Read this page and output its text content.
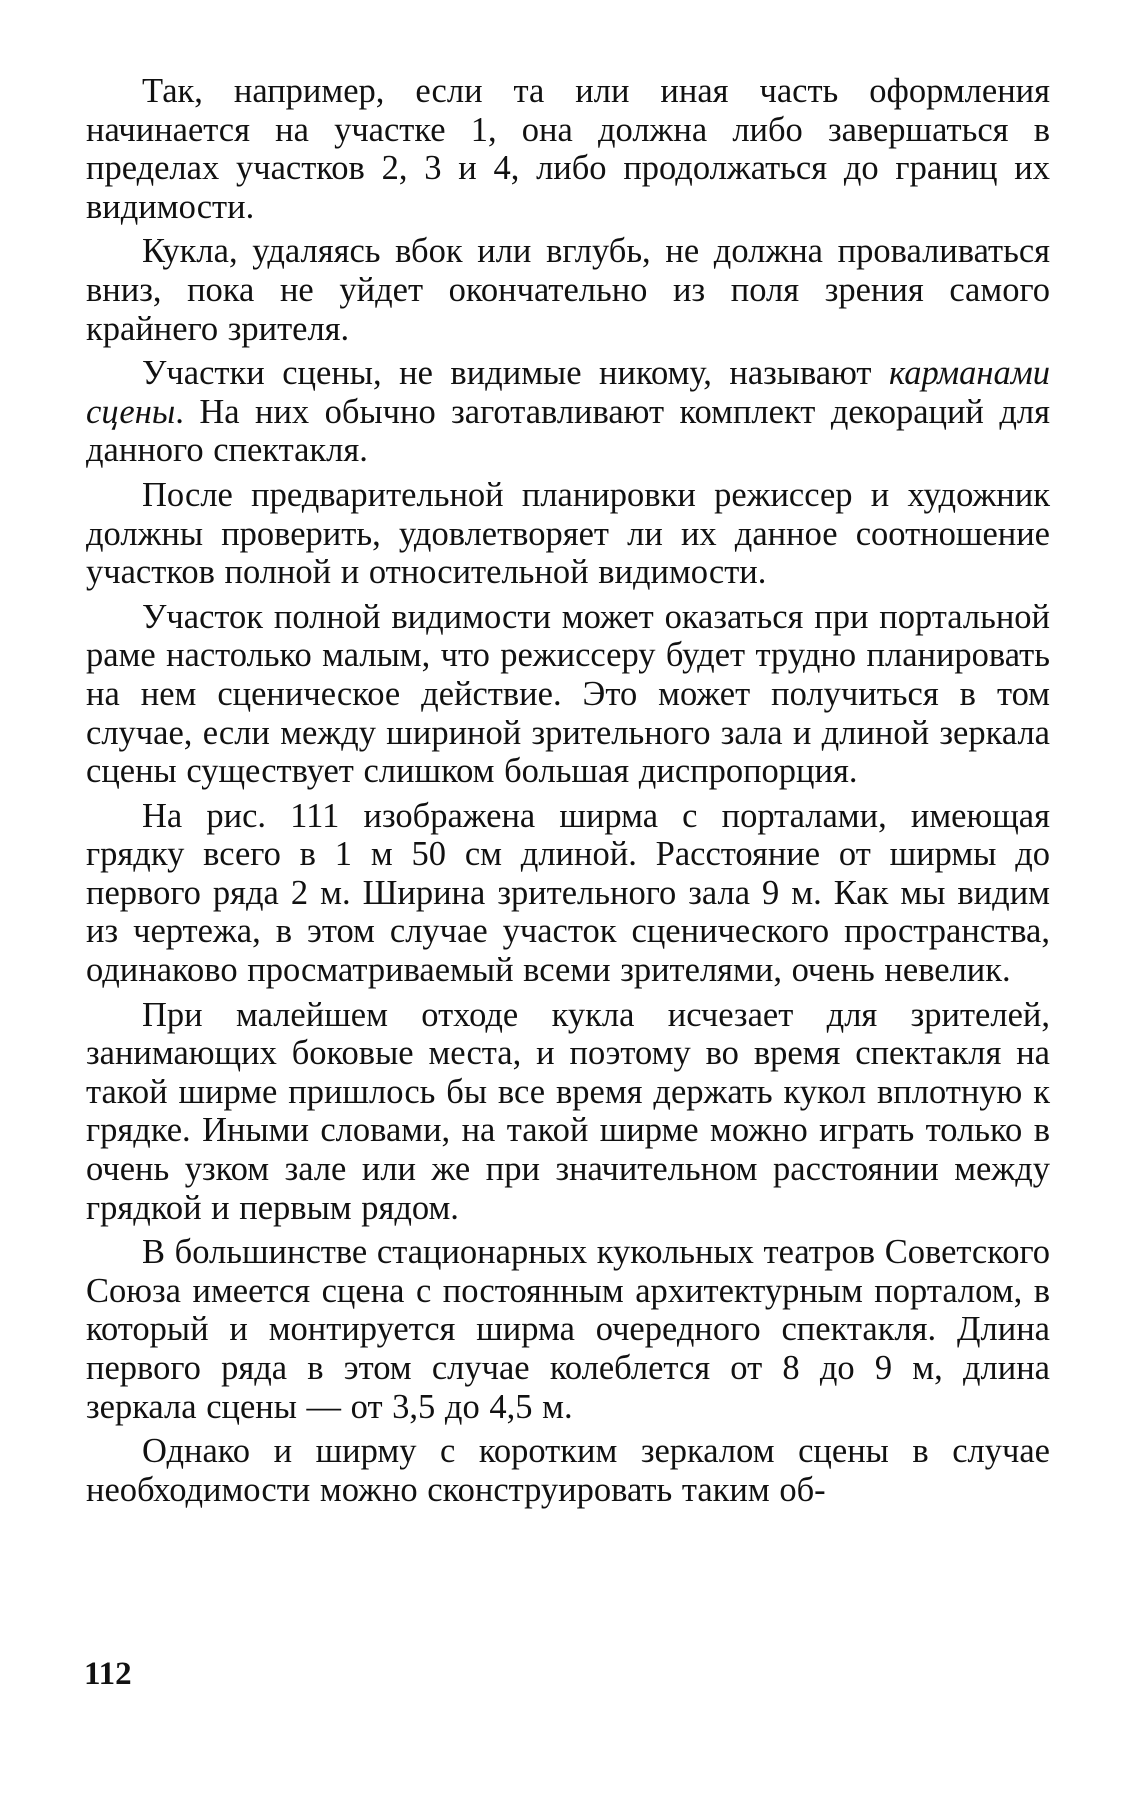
Так, например, если та или иная часть оформления начинается на участке 1, она должна либо завершаться в пределах участков 2, 3 и 4, либо продолжаться до границ их видимости.

Кукла, удаляясь вбок или вглубь, не должна проваливаться вниз, пока не уйдет окончательно из поля зрения самого крайнего зрителя.

Участки сцены, не видимые никому, называют карманами сцены. На них обычно заготавливают комплект декораций для данного спектакля.

После предварительной планировки режиссер и художник должны проверить, удовлетворяет ли их данное соотношение участков полной и относительной видимости.

Участок полной видимости может оказаться при портальной раме настолько малым, что режиссеру будет трудно планировать на нем сценическое действие. Это может получиться в том случае, если между шириной зрительного зала и длиной зеркала сцены существует слишком большая диспропорция.

На рис. 111 изображена ширма с порталами, имеющая грядку всего в 1 м 50 см длиной. Расстояние от ширмы до первого ряда 2 м. Ширина зрительного зала 9 м. Как мы видим из чертежа, в этом случае участок сценического пространства, одинаково просматриваемый всеми зрителями, очень невелик.

При малейшем отходе кукла исчезает для зрителей, занимающих боковые места, и поэтому во время спектакля на такой ширме пришлось бы все время держать кукол вплотную к грядке. Иными словами, на такой ширме можно играть только в очень узком зале или же при значительном расстоянии между грядкой и первым рядом.

В большинстве стационарных кукольных театров Советского Союза имеется сцена с постоянным архитектурным порталом, в который и монтируется ширма очередного спектакля. Длина первого ряда в этом случае колеблется от 8 до 9 м, длина зеркала сцены — от 3,5 до 4,5 м.

Однако и ширму с коротким зеркалом сцены в случае необходимости можно сконструировать таким об-

112
